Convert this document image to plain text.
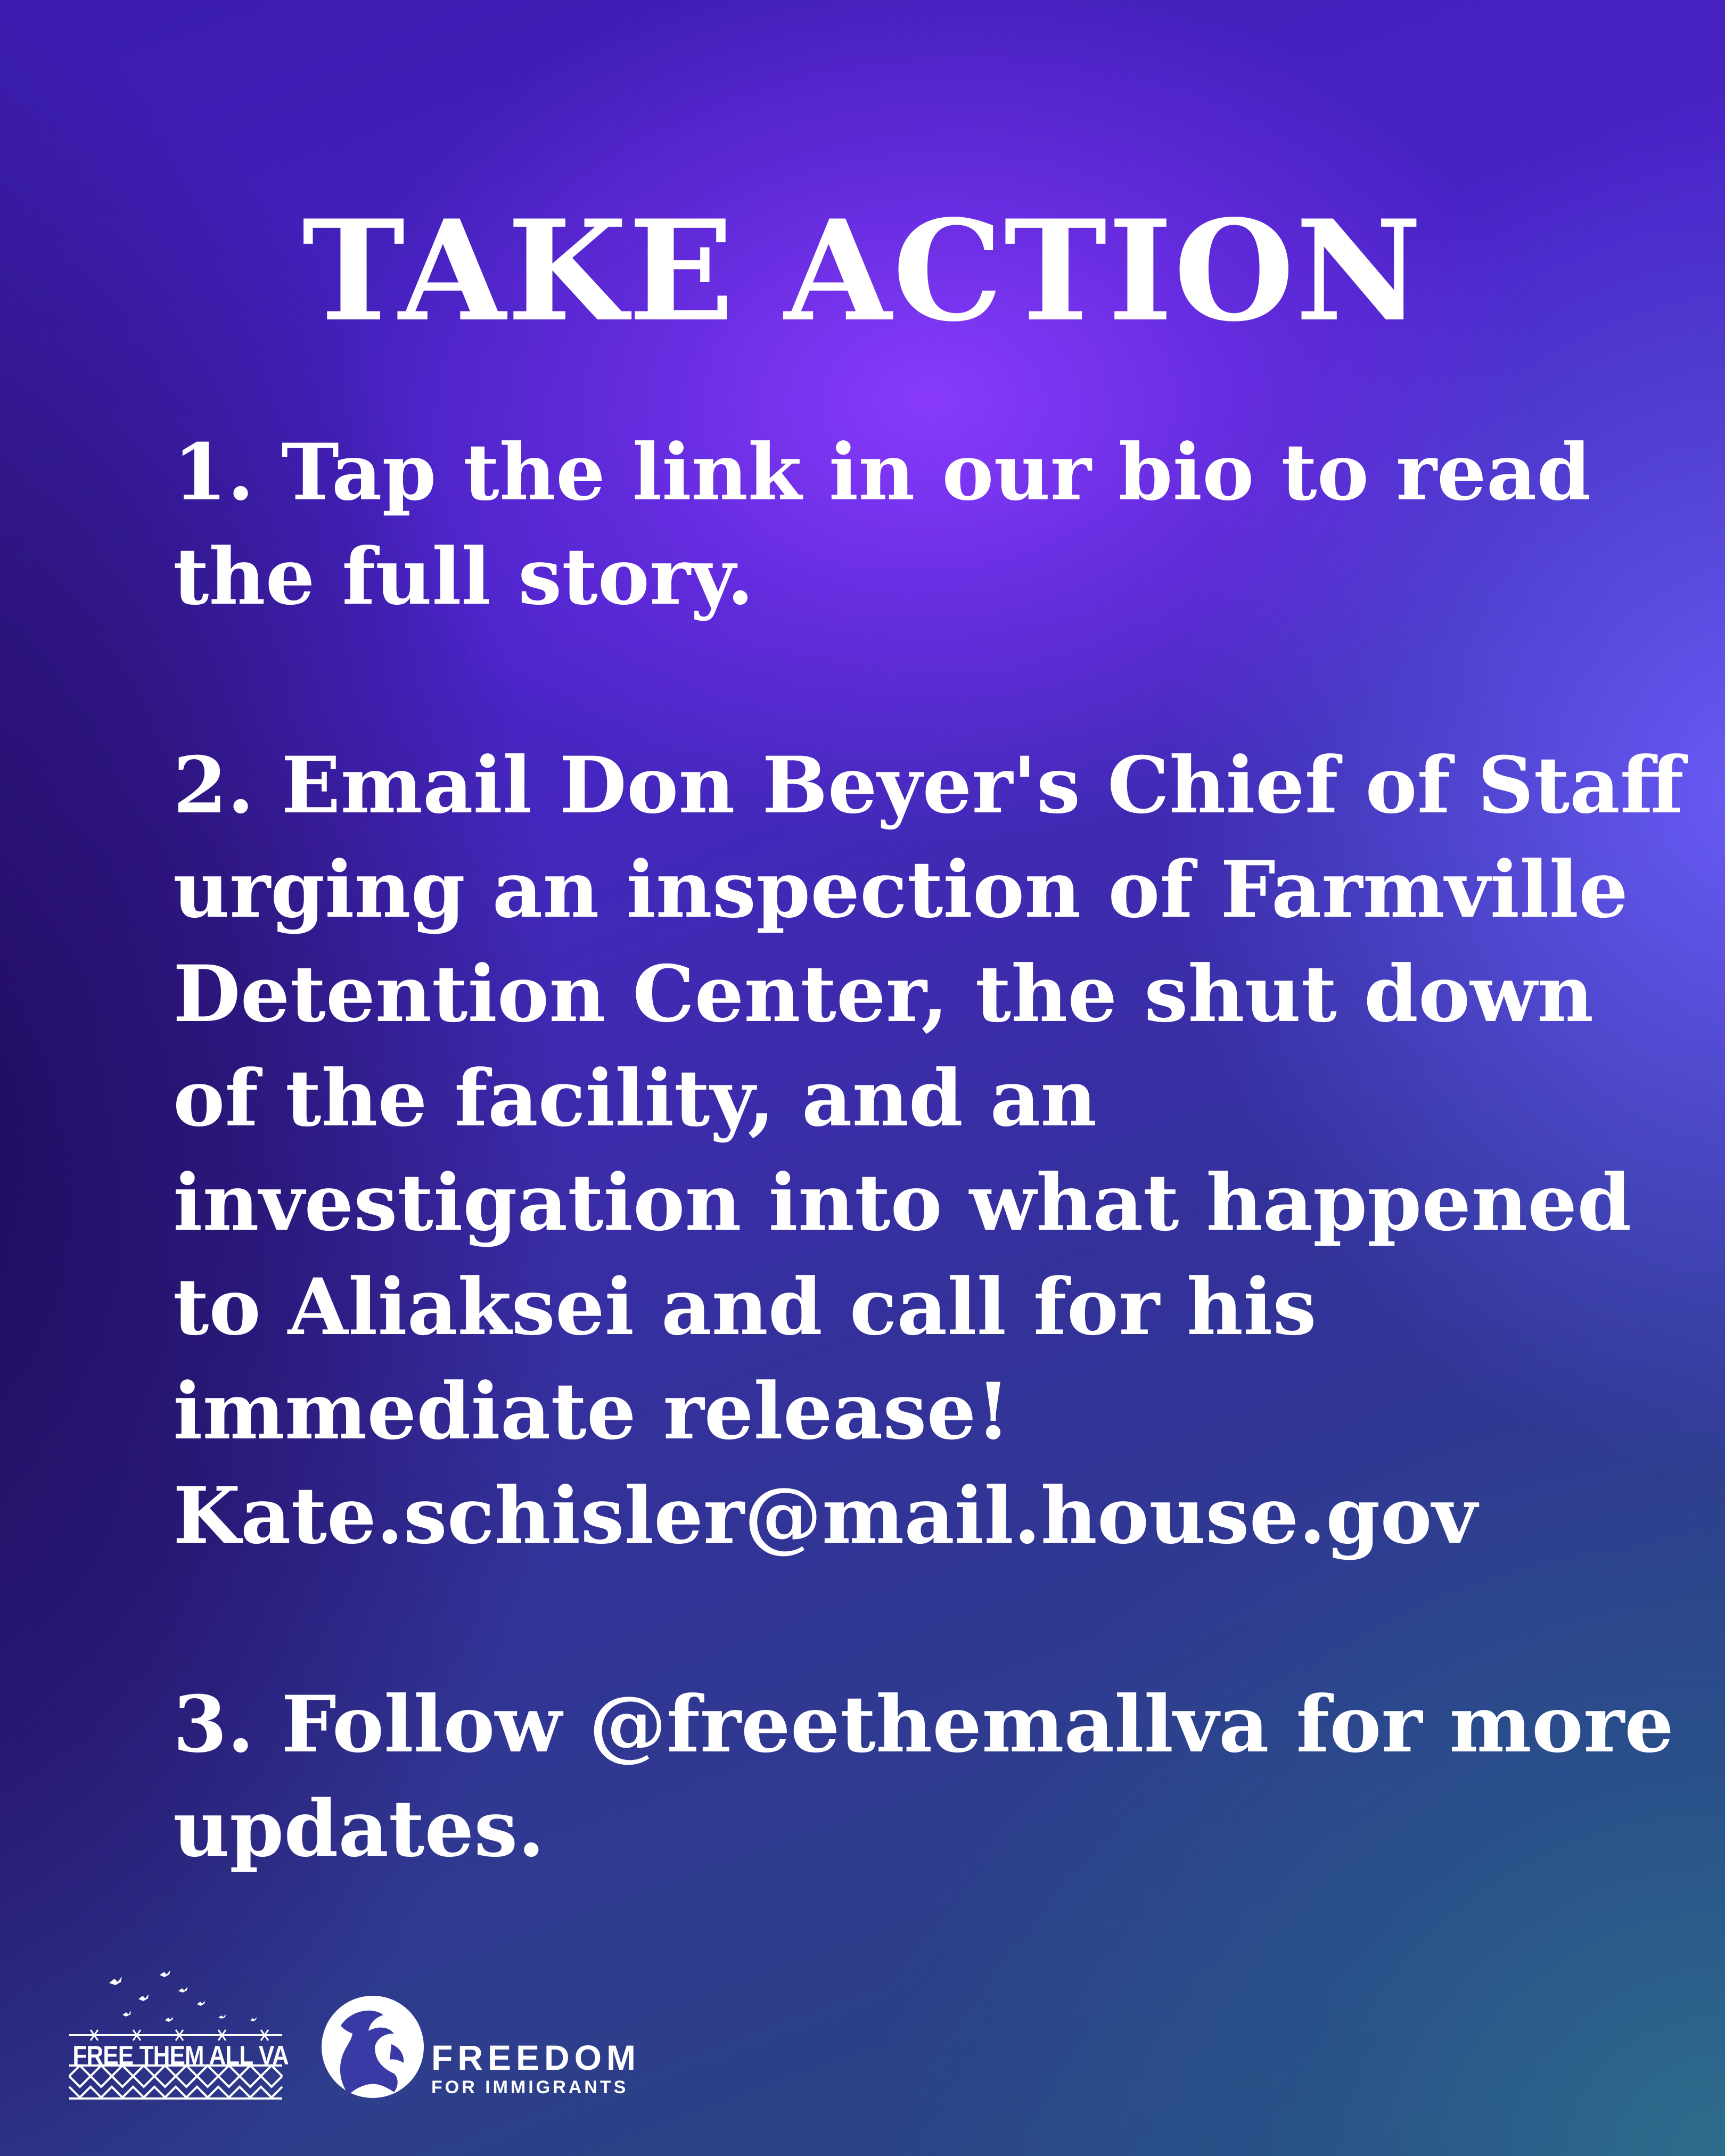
TAKE ACTION
1. Tap the link in our bio to read
the full story.
2. Email Don Beyer's Chief of Staff
urging an inspection of Farmville
Detention Center, the shut down
of the facility, and an
investigation into what happened
to Aliaksei and call for his
immediate release!
Kate.schisler@mail.house.gov
3. Follow @freethemallva for more
updates.
FREE THEM ALL VA	FREEDOM
FOR IMMIGRANTS
